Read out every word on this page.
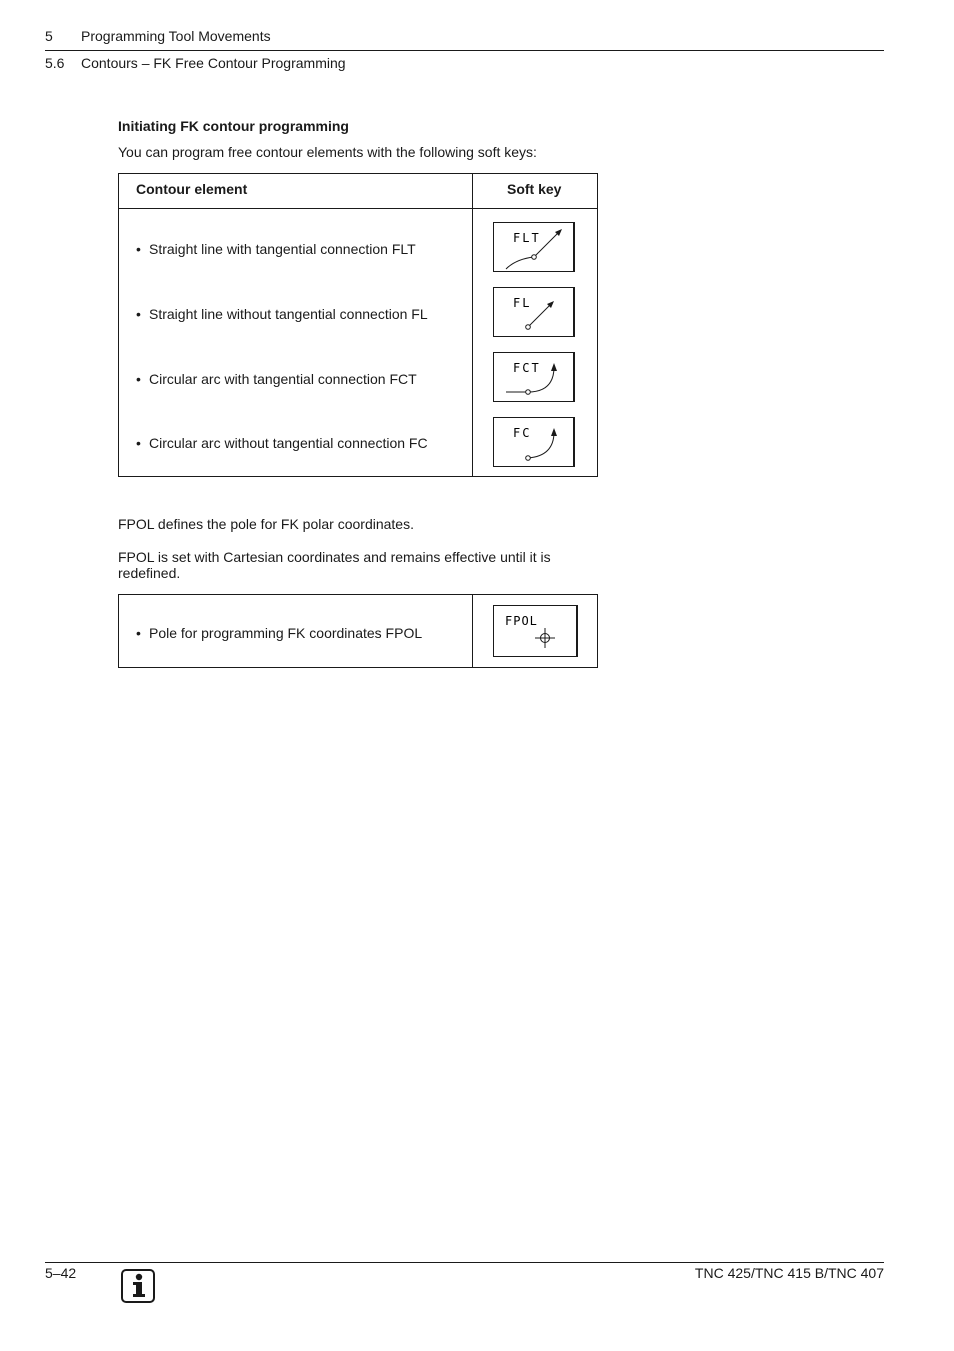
5 Programming Tool Movements
5.6 Contours – FK Free Contour Programming
Initiating FK contour programming
You can program free contour elements with the following soft keys:

Contour element	Soft key
• Straight line with tangential connection FLT
FLT
• Straight line without tangential connection FL
FL
• Circular arc with tangential connection FCT
FCT
• Circular arc without tangential connection FC
FC
FPOL defines the pole for FK polar coordinates.
FPOL is set with Cartesian coordinates and remains effective until it is redefined.

• Pole for programming FK coordinates FPOL
FPOL
5–42	TNC 425/TNC 415 B/TNC 407
